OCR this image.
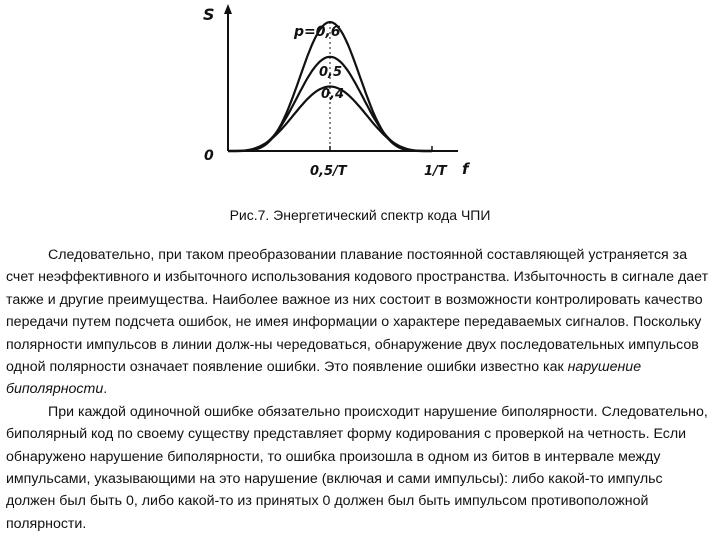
S
f
0
0,5/T	1/T
p=0,6
0,5
0,4
Рис.7. Энергетический спектр кода ЧПИ

Следовательно, при таком преобразовании плавание постоянной составляющей устраняется за счет неэффективного и избыточного использования кодового пространства. Избыточность в сигнале дает также и другие преимущества. Наиболее важное из них состоит в возможности контролировать качество передачи путем подсчета ошибок, не имея информации о характере передаваемых сигналов. Поскольку полярности импульсов в линии долж-ны чередоваться, обнаружение двух последовательных импульсов одной полярности означает появление ошибки. Это появление ошибки известно как нарушение биполярности.

При каждой одиночной ошибке обязательно происходит нарушение биполярности. Следовательно, биполярный код по своему существу представляет форму кодирования с проверкой на четность. Если обнаружено нарушение биполярности, то ошибка произошла в одном из битов в интервале между импульсами, указывающими на это нарушение (включая и сами импульсы): либо какой-то импульс должен был быть 0, либо какой-то из принятых 0 должен был быть импульсом противоположной полярности.
